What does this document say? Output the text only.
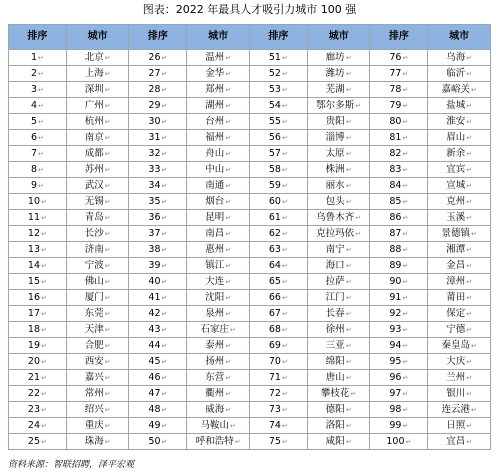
图表：2022 年最具人才吸引力城市 100 强
排序	城市	排序	城市	排序	城市	排序	城市
1↵	北京↵	26↵	温州↵	51↵	廊坊↵	76↵	乌海↵
2↵	上海↵	27↵	金华↵	52↵	潍坊↵	77↵	临沂↵
3↵	深圳↵	28↵	郑州↵	53↵	芜湖↵	78↵	嘉峪关↵
4↵	广州↵	29↵	湖州↵	54↵	鄂尔多斯↵	79↵	盐城↵
5↵	杭州↵	30↵	台州↵	55↵	贵阳↵	80↵	淮安↵
6↵	南京↵	31↵	福州↵	56↵	淄博↵	81↵	眉山↵
7↵	成都↵	32↵	舟山↵	57↵	太原↵	82↵	新余↵
8↵	苏州↵	33↵	中山↵	58↵	株洲↵	83↵	宜宾↵
9↵	武汉↵	34↵	南通↵	59↵	丽水↵	84↵	宣城↵
10↵	无锡↵	35↵	烟台↵	60↵	包头↵	85↵	克州↵
11↵	青岛↵	36↵	昆明↵	61↵	乌鲁木齐↵	86↵	玉溪↵
12↵	长沙↵	37↵	南昌↵	62↵	克拉玛依↵	87↵	景德镇↵
13↵	济南↵	38↵	惠州↵	63↵	南宁↵	88↵	湘潭↵
14↵	宁波↵	39↵	镇江↵	64↵	海口↵	89↵	金昌↵
15↵	佛山↵	40↵	大连↵	65↵	拉萨↵	90↵	漳州↵
16↵	厦门↵	41↵	沈阳↵	66↵	江门↵	91↵	莆田↵
17↵	东莞↵	42↵	泉州↵	67↵	长春↵	92↵	保定↵
18↵	天津↵	43↵	石家庄↵	68↵	徐州↵	93↵	宁德↵
19↵	合肥↵	44↵	泰州↵	69↵	三亚↵	94↵	秦皇岛↵
20↵	西安↵	45↵	扬州↵	70↵	绵阳↵	95↵	大庆↵
21↵	嘉兴↵	46↵	东营↵	71↵	唐山↵	96↵	兰州↵
22↵	常州↵	47↵	衢州↵	72↵	攀枝花↵	97↵	银川↵
23↵	绍兴↵	48↵	威海↵	73↵	德阳↵	98↵	连云港↵
24↵	重庆↵	49↵	马鞍山↵	74↵	洛阳↵	99↵	日照↵
25↵	珠海↵	50↵	呼和浩特↵	75↵	咸阳↵	100↵	宜昌↵
资料来源：智联招聘，泽平宏观
